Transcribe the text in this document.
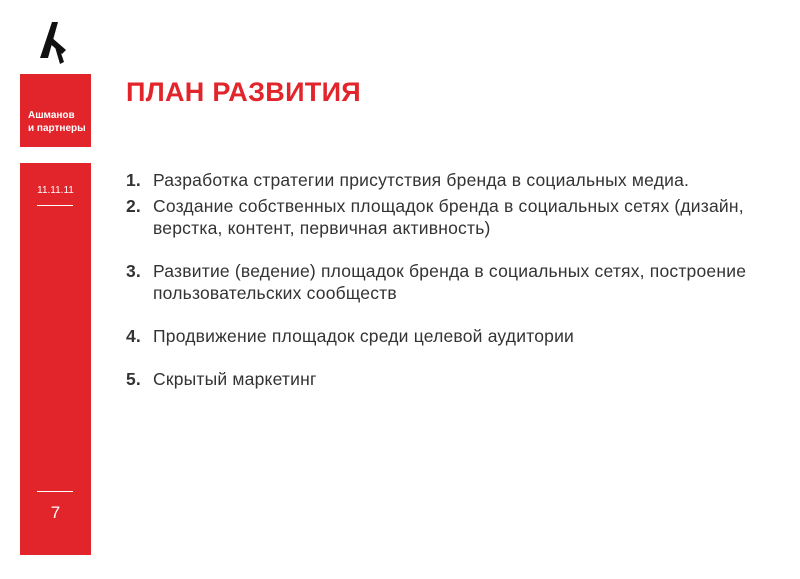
Ашманов
и партнеры
11.11.11
7
ПЛАН РАЗВИТИЯ
1. Разработка стратегии присутствия бренда в социальных медиа.
2. Создание собственных площадок бренда в социальных сетях (дизайн, верстка, контент, первичная активность)
3. Развитие (ведение) площадок бренда в социальных сетях, построение пользовательских сообществ
4. Продвижение площадок среди целевой аудитории
5. Скрытый маркетинг
